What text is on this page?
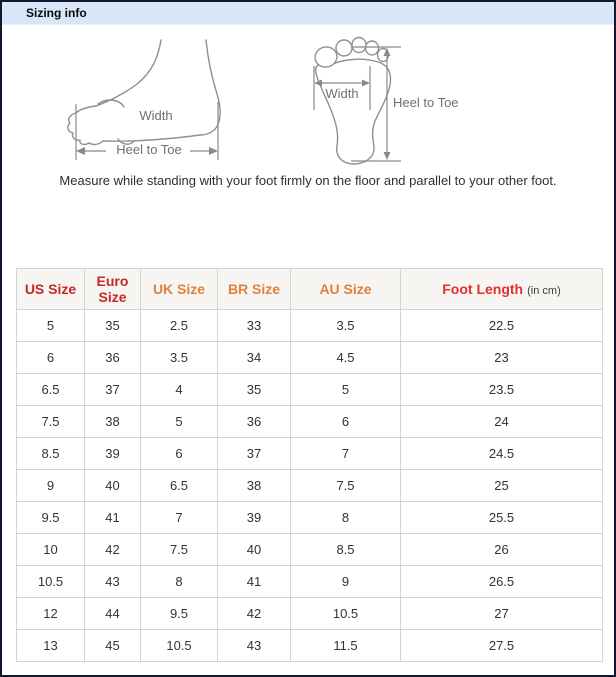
Sizing info
Width
Heel to Toe
Width
Heel to Toe
Measure while standing with your foot firmly on the floor and parallel to your other foot.
US Size	Euro Size	UK Size	BR Size	AU Size	Foot Length (in cm)
5	35	2.5	33	3.5	22.5
6	36	3.5	34	4.5	23
6.5	37	4	35	5	23.5
7.5	38	5	36	6	24
8.5	39	6	37	7	24.5
9	40	6.5	38	7.5	25
9.5	41	7	39	8	25.5
10	42	7.5	40	8.5	26
10.5	43	8	41	9	26.5
12	44	9.5	42	10.5	27
13	45	10.5	43	11.5	27.5
